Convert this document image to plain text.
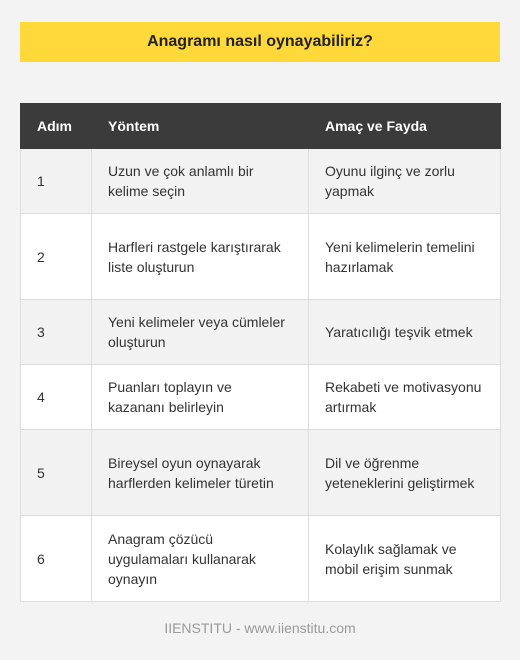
Anagramı nasıl oynayabiliriz?
Adım	Yöntem	Amaç ve Fayda
1	Uzun ve çok anlamlı bir kelime seçin	Oyunu ilginç ve zorlu yapmak
2	Harfleri rastgele karıştırarak liste oluşturun	Yeni kelimelerin temelini hazırlamak
3	Yeni kelimeler veya cümleler oluşturun	Yaratıcılığı teşvik etmek
4	Puanları toplayın ve kazananı belirleyin	Rekabeti ve motivasyonu artırmak
5	Bireysel oyun oynayarak harflerden kelimeler türetin	Dil ve öğrenme yeteneklerini geliştirmek
6	Anagram çözücü uygulamaları kullanarak oynayın	Kolaylık sağlamak ve mobil erişim sunmak
IIENSTITU - www.iienstitu.com
